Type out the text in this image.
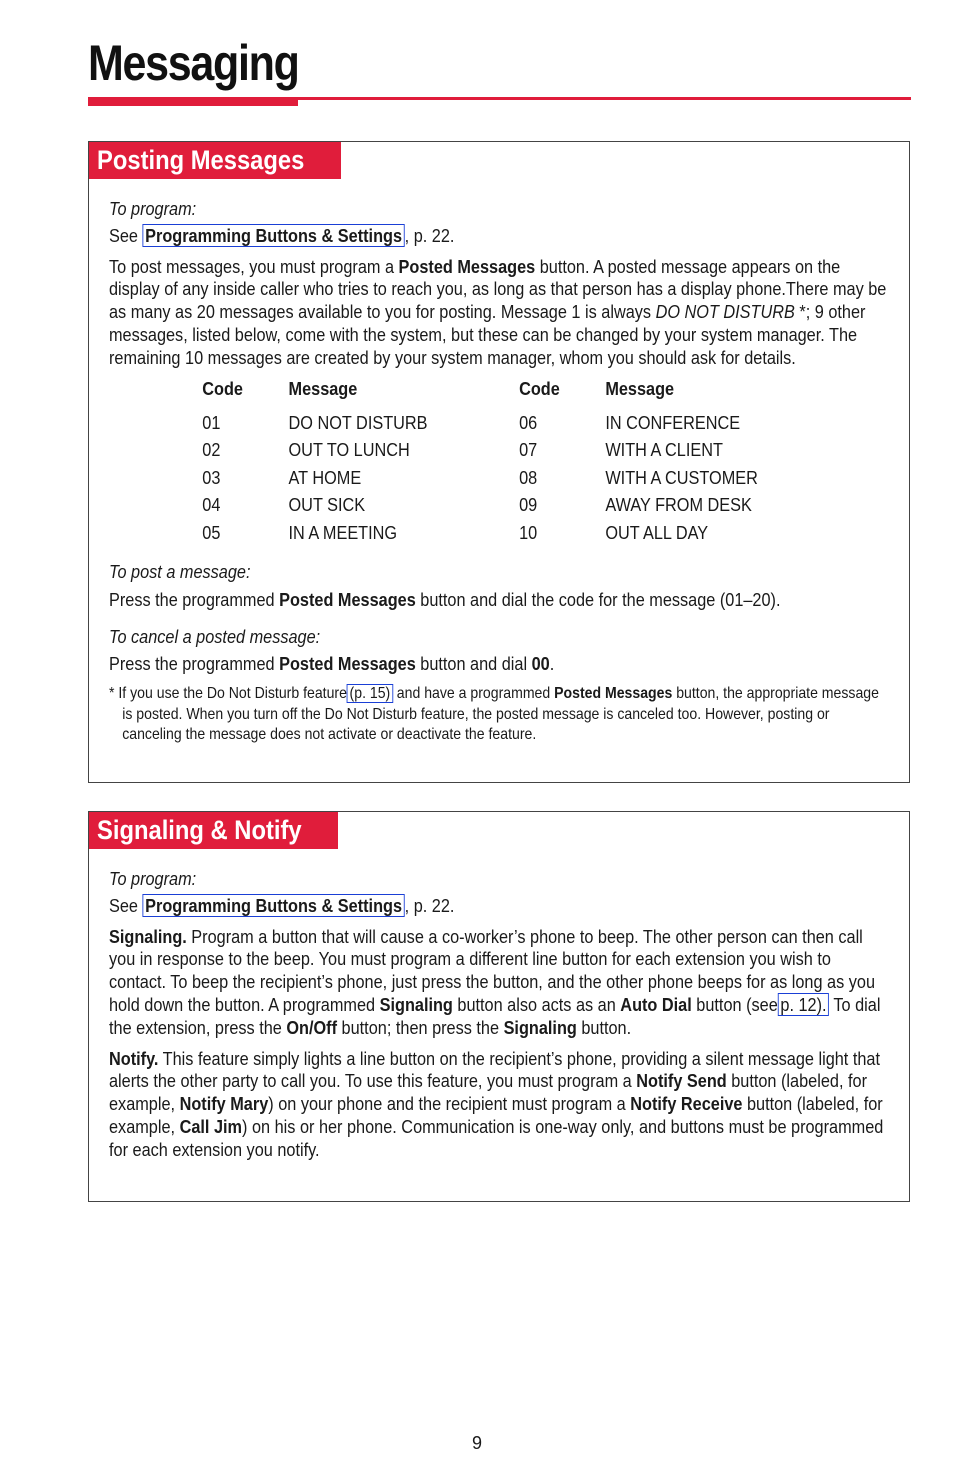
Messaging
Posting Messages

To program:

See Programming Buttons & Settings , p. 22.

To post messages, you must program a Posted Messages button. A posted message appears on the display of any inside caller who tries to reach you, as long as that person has a display phone.There may be as many as 20 messages available to you for posting. Message 1 is always DO NOT DISTURB *; 9 other messages, listed below, come with the system, but these can be changed by your system manager. The remaining 10 messages are created by your system manager, whom you should ask for details.

Code	Message	Code	Message
01	DO NOT DISTURB	06	IN CONFERENCE
02	OUT TO LUNCH	07	WITH A CLIENT
03	AT HOME	08	WITH A CUSTOMER
04	OUT SICK	09	AWAY FROM DESK
05	IN A MEETING	10	OUT ALL DAY

To post a message:

Press the programmed Posted Messages button and dial the code for the message (01–20).

To cancel a posted message:

Press the programmed Posted Messages button and dial 00.

* If you use the Do Not Disturb feature (p. 15) and have a programmed Posted Messages button, the appropriate message is posted. When you turn off the Do Not Disturb feature, the posted message is canceled too. However, posting or canceling the message does not activate or deactivate the feature.

Signaling & Notify

To program:

See Programming Buttons & Settings , p. 22.

Signaling. Program a button that will cause a co-worker’s phone to beep. The other person can then call you in response to the beep. You must program a different line button for each extension you wish to contact. To beep the recipient’s phone, just press the button, and the other phone beeps for as long as you hold down the button. A programmed Signaling button also acts as an Auto Dial button (see p. 12). To dial the extension, press the On/Off button; then press the Signaling button.

Notify. This feature simply lights a line button on the recipient’s phone, providing a silent message light that alerts the other party to call you. To use this feature, you must program a Notify Send button (labeled, for example, Notify Mary) on your phone and the recipient must program a Notify Receive button (labeled, for example, Call Jim) on his or her phone. Communication is one-way only, and buttons must be programmed for each extension you notify.

9
